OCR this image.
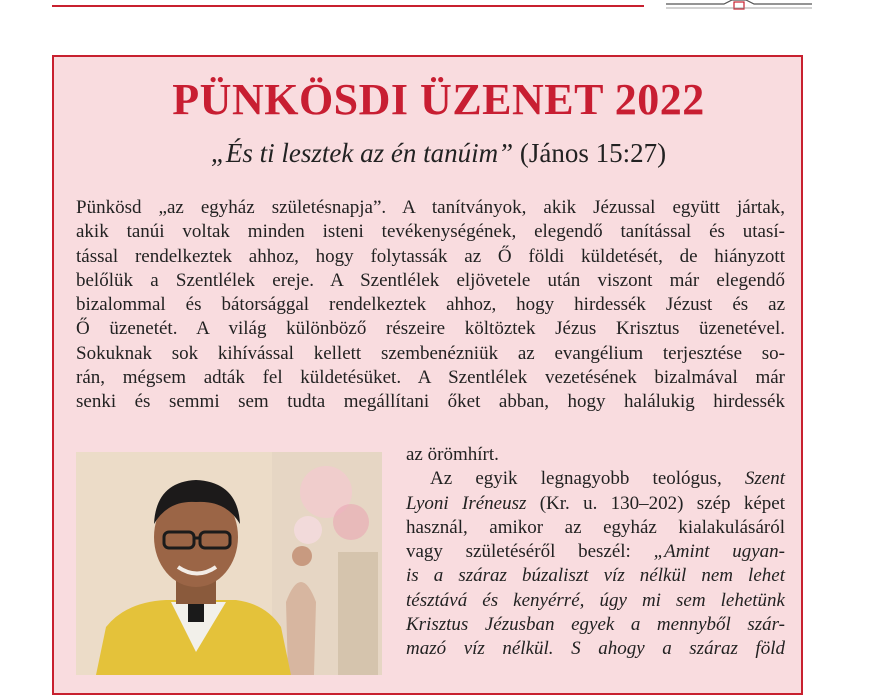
PÜNKÖSDI ÜZENET 2022
„És ti lesztek az én tanúim” (János 15:27)
Pünkösd „az egyház születésnapja”. A tanítványok, akik Jézussal együtt jártak,
akik tanúi voltak minden isteni tevékenységének, elegendő tanítással és utasí-
tással rendelkeztek ahhoz, hogy folytassák az Ő földi küldetését, de hiányzott
belőlük a Szentlélek ereje. A Szentlélek eljövetele után viszont már elegendő
bizalommal és bátorsággal rendelkeztek ahhoz, hogy hirdessék Jézust és az
Ő üzenetét. A világ különböző részeire költöztek Jézus Krisztus üzenetével.
Sokuknak sok kihívással kellett szembenézniük az evangélium terjesztése so-
rán, mégsem adták fel küldetésüket. A Szentlélek vezetésének bizalmával már
senki és semmi sem tudta megállítani őket abban, hogy halálukig hirdessék
az örömhírt.
Az egyik legnagyobb teológus, Szent
Lyoni Iréneusz (Kr. u. 130–202) szép képet
használ, amikor az egyház kialakulásáról
vagy születéséről beszél: „Amint ugyan-
is a száraz búzaliszt víz nélkül nem lehet
tésztává és kenyérré, úgy mi sem lehetünk
Krisztus Jézusban egyek a mennyből szár-
mazó víz nélkül. S ahogy a száraz föld
